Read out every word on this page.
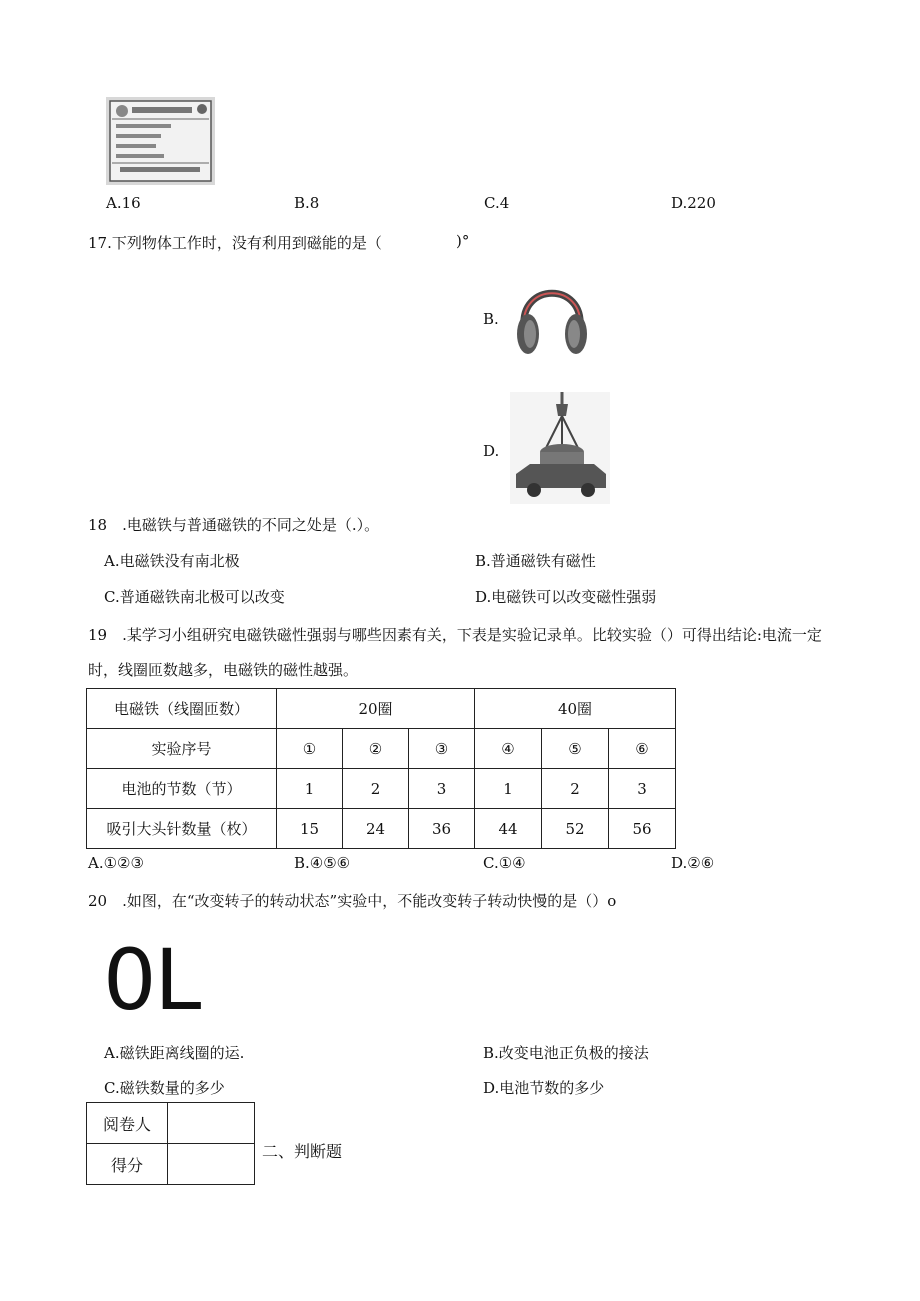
A.16	B.8	C.4	D.220
17.下列物体工作时，没有利用到磁能的是（	)°
B.
D.
18 .电磁铁与普通磁铁的不同之处是（.）。
A.电磁铁没有南北极	B.普通磁铁有磁性
C.普通磁铁南北极可以改变	D.电磁铁可以改变磁性强弱
19 .某学习小组研究电磁铁磁性强弱与哪些因素有关，下表是实验记录单。比较实验（）可得出结论:电流一定
时，线圈匝数越多，电磁铁的磁性越强。
电磁铁（线圈匝数）	20圈			40圈		
实验序号	①	②	③	④	⑤	⑥
电池的节数（节）	1	2	3	1	2	3
吸引大头针数量（枚）	15	24	36	44	52	56
A.①②③	B.④⑤⑥	C.①④	D.②⑥
20 .如图，在“改变转子的转动状态”实验中，不能改变转子转动快慢的是（）o
0L
A.磁铁距离线圈的运.	B.改变电池正负极的接法
C.磁铁数量的多少	D.电池节数的多少
阅卷人	
得分	
二、判断题
